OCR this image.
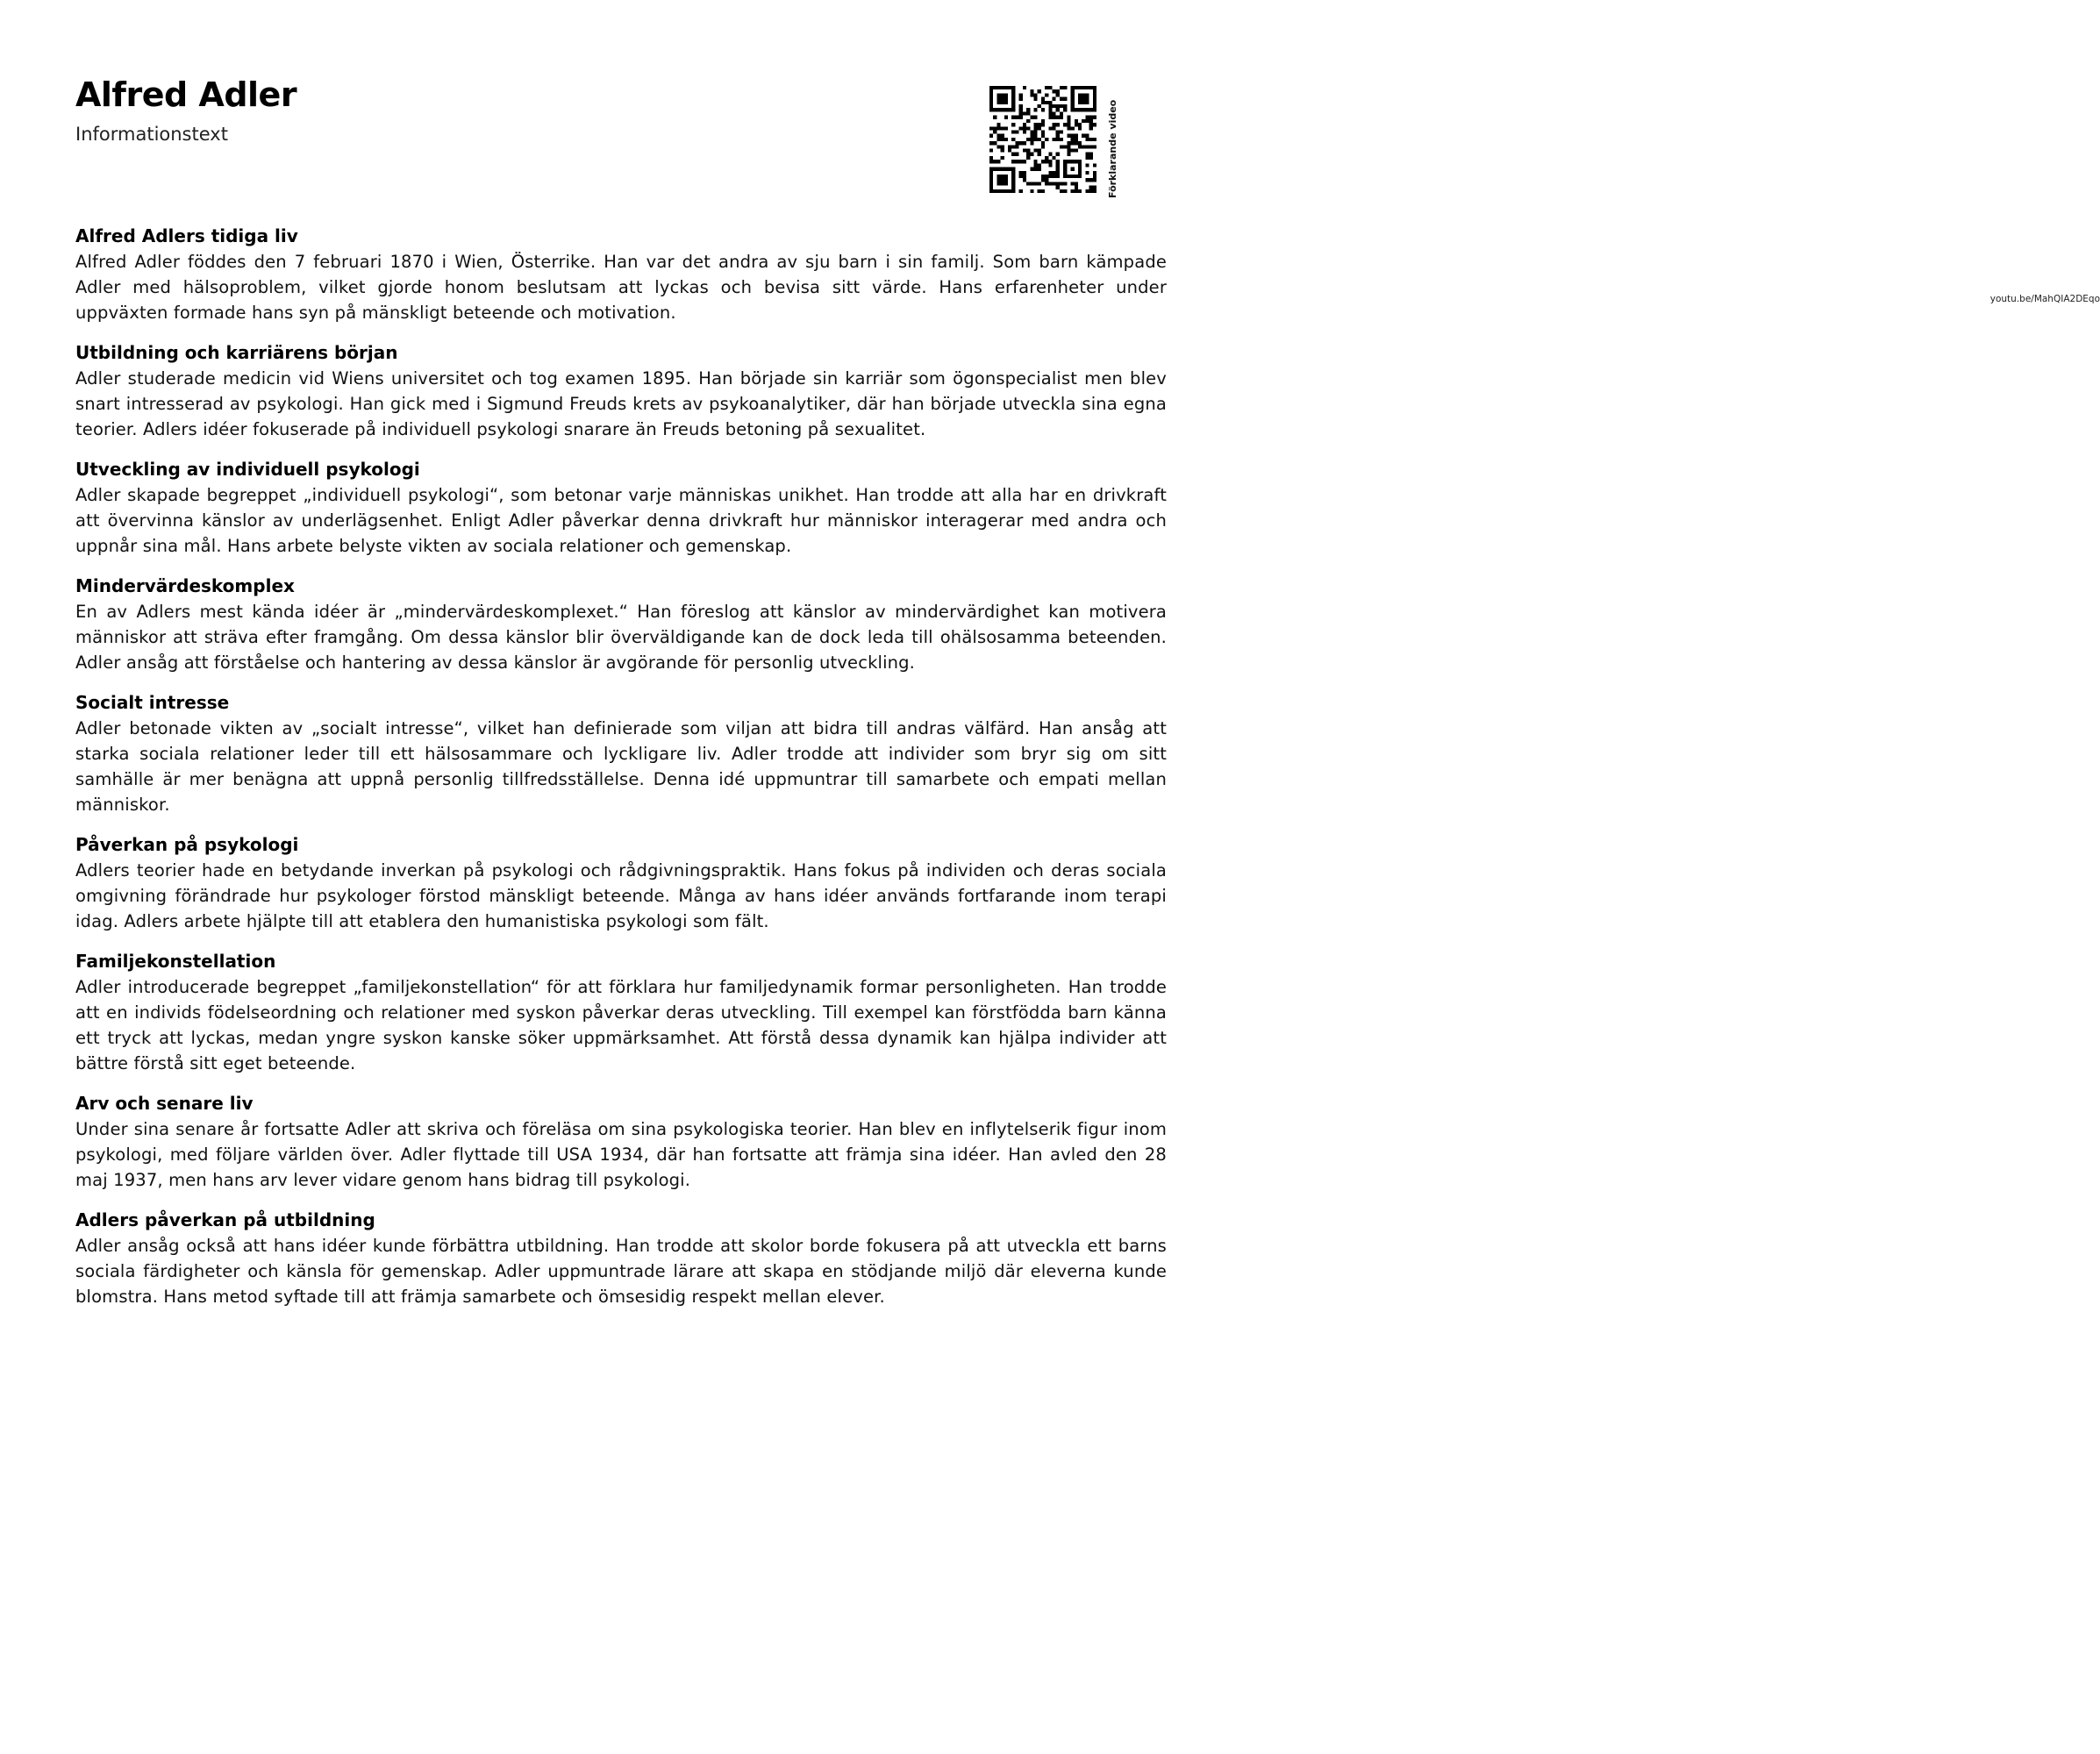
Alfred Adler
Informationstext
youtu.be/MahQIA2DEqo
Förklarande video
Alfred Adlers tidiga liv

Alfred Adler föddes den 7 februari 1870 i Wien, Österrike. Han var det andra av sju barn i sin familj. Som barn kämpade Adler med hälsoproblem, vilket gjorde honom beslutsam att lyckas och bevisa sitt värde. Hans erfarenheter under uppväxten formade hans syn på mänskligt beteende och motivation.

Utbildning och karriärens början

Adler studerade medicin vid Wiens universitet och tog examen 1895. Han började sin karriär som ögonspecialist men blev snart intresserad av psykologi. Han gick med i Sigmund Freuds krets av psykoanalytiker, där han började utveckla sina egna teorier. Adlers idéer fokuserade på individuell psykologi snarare än Freuds betoning på sexualitet.

Utveckling av individuell psykologi

Adler skapade begreppet „individuell psykologi“, som betonar varje människas unikhet. Han trodde att alla har en drivkraft att övervinna känslor av underlägsenhet. Enligt Adler påverkar denna drivkraft hur människor interagerar med andra och uppnår sina mål. Hans arbete belyste vikten av sociala relationer och gemenskap.

Mindervärdeskomplex

En av Adlers mest kända idéer är „mindervärdeskomplexet.“ Han föreslog att känslor av mindervärdighet kan motivera människor att sträva efter framgång. Om dessa känslor blir överväldigande kan de dock leda till ohälsosamma beteenden. Adler ansåg att förståelse och hantering av dessa känslor är avgörande för personlig utveckling.

Socialt intresse

Adler betonade vikten av „socialt intresse“, vilket han definierade som viljan att bidra till andras välfärd. Han ansåg att starka sociala relationer leder till ett hälsosammare och lyckligare liv. Adler trodde att individer som bryr sig om sitt samhälle är mer benägna att uppnå personlig tillfredsställelse. Denna idé uppmuntrar till samarbete och empati mellan människor.

Påverkan på psykologi

Adlers teorier hade en betydande inverkan på psykologi och rådgivningspraktik. Hans fokus på individen och deras sociala omgivning förändrade hur psykologer förstod mänskligt beteende. Många av hans idéer används fortfarande inom terapi idag. Adlers arbete hjälpte till att etablera den humanistiska psykologi som fält.

Familjekonstellation

Adler introducerade begreppet „familjekonstellation“ för att förklara hur familjedynamik formar personligheten. Han trodde att en individs födelseordning och relationer med syskon påverkar deras utveckling. Till exempel kan förstfödda barn känna ett tryck att lyckas, medan yngre syskon kanske söker uppmärksamhet. Att förstå dessa dynamik kan hjälpa individer att bättre förstå sitt eget beteende.

Arv och senare liv

Under sina senare år fortsatte Adler att skriva och föreläsa om sina psykologiska teorier. Han blev en inflytelserik figur inom psykologi, med följare världen över. Adler flyttade till USA 1934, där han fortsatte att främja sina idéer. Han avled den 28 maj 1937, men hans arv lever vidare genom hans bidrag till psykologi.

Adlers påverkan på utbildning

Adler ansåg också att hans idéer kunde förbättra utbildning. Han trodde att skolor borde fokusera på att utveckla ett barns sociala färdigheter och känsla för gemenskap. Adler uppmuntrade lärare att skapa en stödjande miljö där eleverna kunde blomstra. Hans metod syftade till att främja samarbete och ömsesidig respekt mellan elever.
